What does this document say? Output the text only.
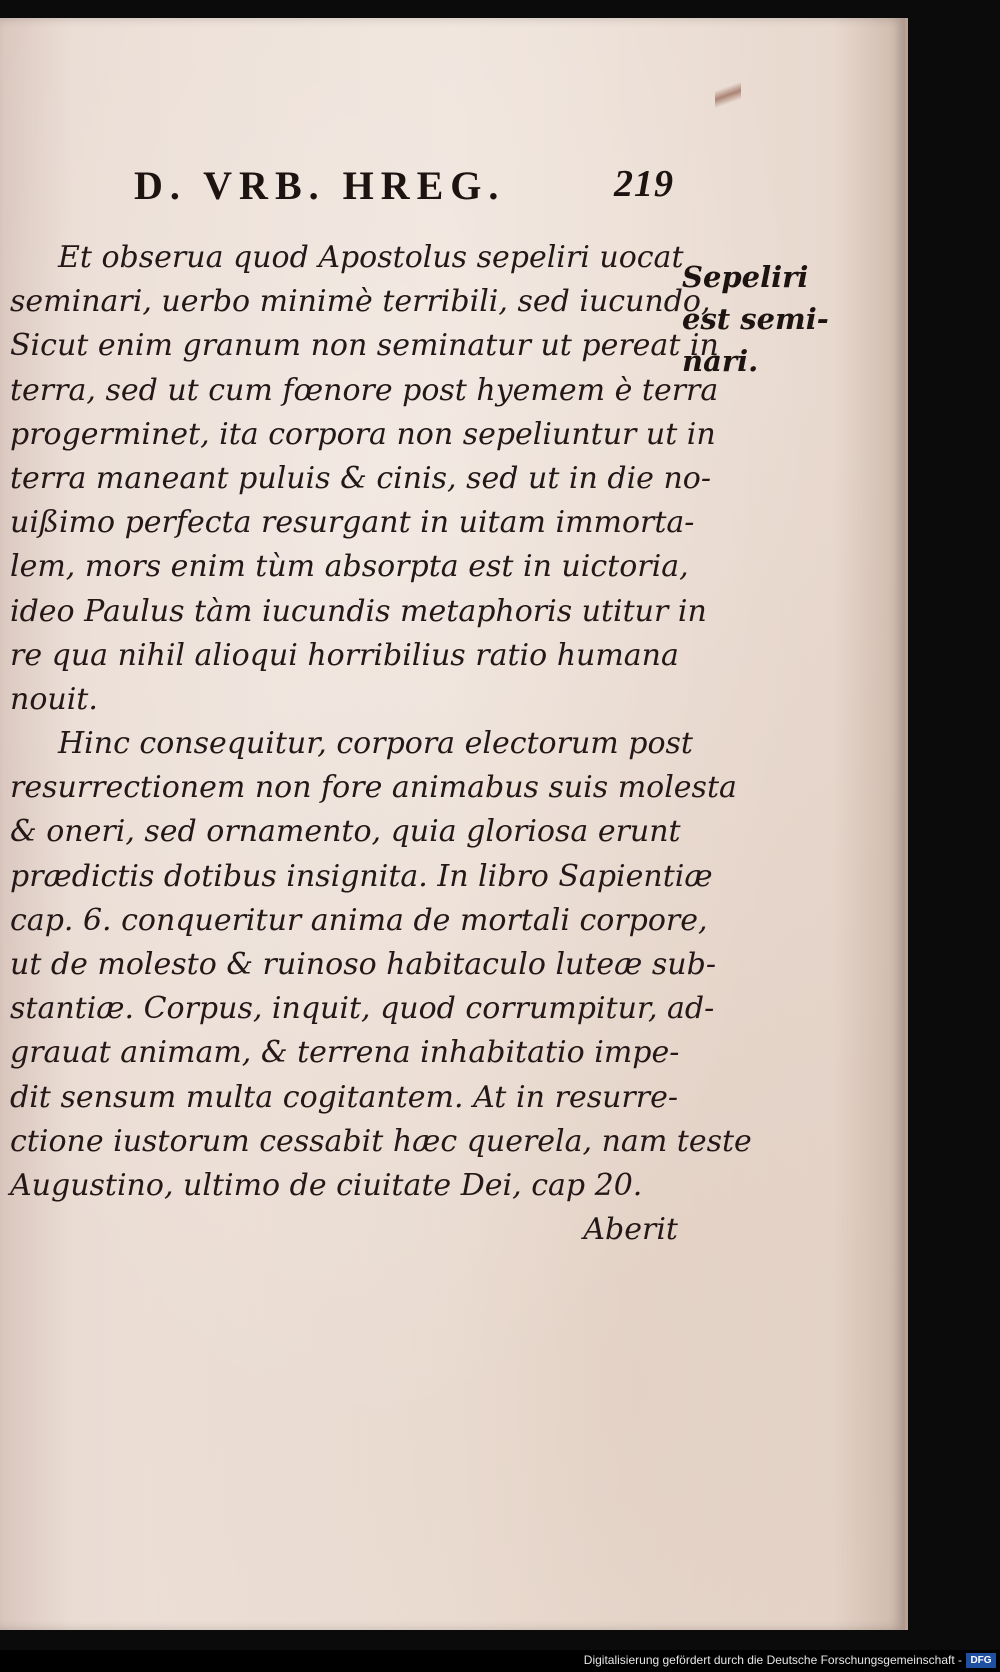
D. VRB. HREG.	219
Et obserua quod Apostolus sepeliri uocat
seminari, uerbo minimè terribili, sed iucundo,
Sicut enim granum non seminatur ut pereat in
terra, sed ut cum fœnore post hyemem è terra
progerminet, ita corpora non sepeliuntur ut in
terra maneant puluis & cinis, sed ut in die no-
uißimo perfecta resurgant in uitam immorta-
lem, mors enim tùm absorpta est in uictoria,
ideo Paulus tàm iucundis metaphoris utitur in
re qua nihil alioqui horribilius ratio humana
nouit.
Hinc consequitur, corpora electorum post
resurrectionem non fore animabus suis molesta
& oneri, sed ornamento, quia gloriosa erunt
prædictis dotibus insignita. In libro Sapientiæ
cap. 6. conqueritur anima de mortali corpore,
ut de molesto & ruinoso habitaculo luteæ sub-
stantiæ. Corpus, inquit, quod corrumpitur, ad-
grauat animam, & terrena inhabitatio impe-
dit sensum multa cogitantem. At in resurre-
ctione iustorum cessabit hæc querela, nam teste
Augustino, ultimo de ciuitate Dei, cap 20.
Aberit
Sepeliri
est semi-
nari.
Digitalisierung gefördert durch die Deutsche Forschungsgemeinschaft - DFG
